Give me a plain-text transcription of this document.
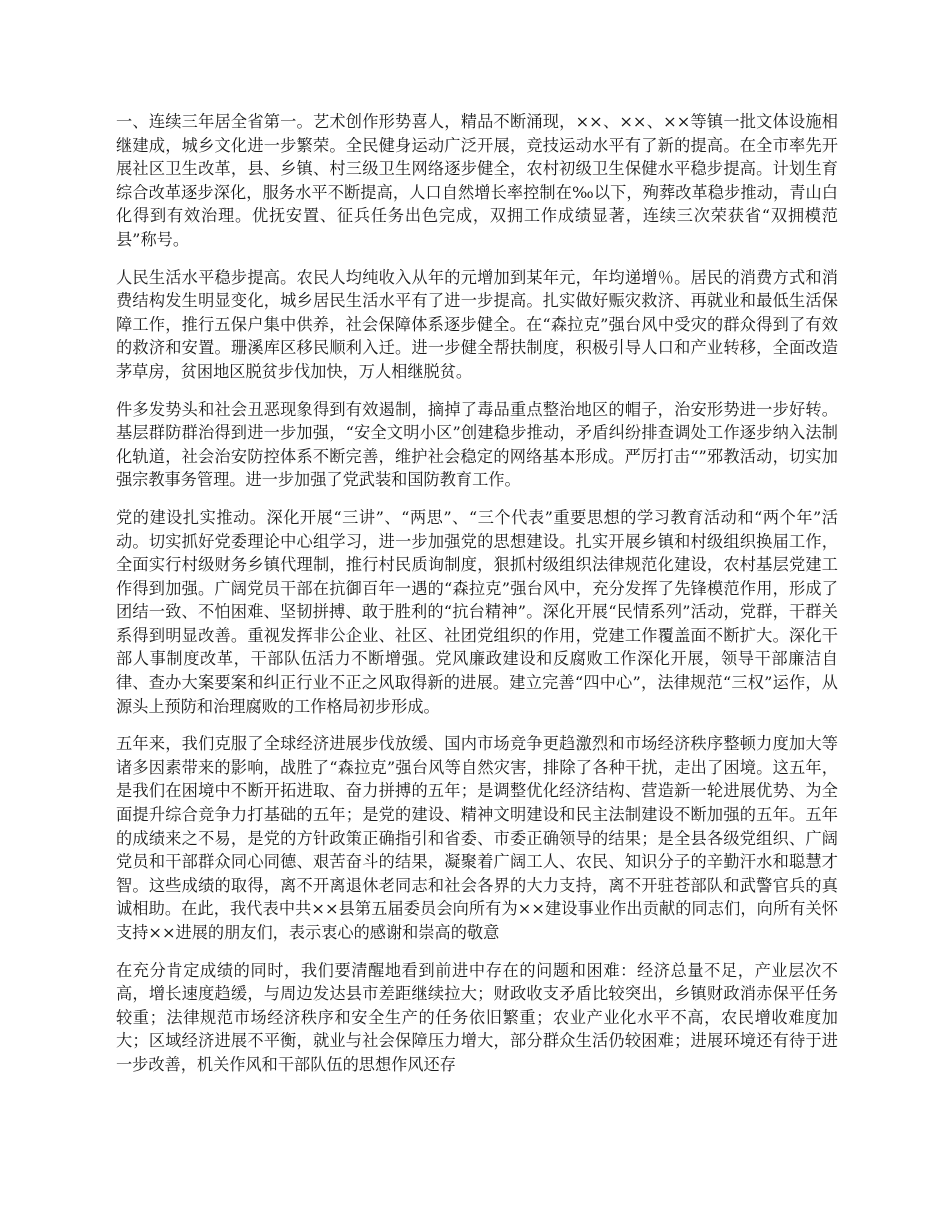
一、连续三年居全省第一。艺术创作形势喜人，精品不断涌现，××、××、××等镇一批文体设施相继建成，城乡文化进一步繁荣。全民健身运动广泛开展，竞技运动水平有了新的提高。在全市率先开展社区卫生改革，县、乡镇、村三级卫生网络逐步健全，农村初级卫生保健水平稳步提高。计划生育综合改革逐步深化，服务水平不断提高，人口自然增长率控制在‰以下，殉葬改革稳步推动，青山白化得到有效治理。优抚安置、征兵任务出色完成，双拥工作成绩显著，连续三次荣获省“双拥模范县”称号。

人民生活水平稳步提高。农民人均纯收入从年的元增加到某年元，年均递增％。居民的消费方式和消费结构发生明显变化，城乡居民生活水平有了进一步提高。扎实做好赈灾救济、再就业和最低生活保障工作，推行五保户集中供养，社会保障体系逐步健全。在“森拉克”强台风中受灾的群众得到了有效的救济和安置。珊溪库区移民顺利入迁。进一步健全帮扶制度，积极引导人口和产业转移，全面改造茅草房，贫困地区脱贫步伐加快，万人相继脱贫。

件多发势头和社会丑恶现象得到有效遏制，摘掉了毒品重点整治地区的帽子，治安形势进一步好转。基层群防群治得到进一步加强，“安全文明小区”创建稳步推动，矛盾纠纷排查调处工作逐步纳入法制化轨道，社会治安防控体系不断完善，维护社会稳定的网络基本形成。严厉打击“”邪教活动，切实加强宗教事务管理。进一步加强了党武装和国防教育工作。

党的建设扎实推动。深化开展“三讲”、“两思”、“三个代表”重要思想的学习教育活动和“两个年”活动。切实抓好党委理论中心组学习，进一步加强党的思想建设。扎实开展乡镇和村级组织换届工作，全面实行村级财务乡镇代理制，推行村民质询制度，狠抓村级组织法律规范化建设，农村基层党建工作得到加强。广阔党员干部在抗御百年一遇的“森拉克”强台风中，充分发挥了先锋模范作用，形成了团结一致、不怕困难、坚韧拼搏、敢于胜利的“抗台精神”。深化开展“民情系列”活动，党群，干群关系得到明显改善。重视发挥非公企业、社区、社团党组织的作用，党建工作覆盖面不断扩大。深化干部人事制度改革，干部队伍活力不断增强。党风廉政建设和反腐败工作深化开展，领导干部廉洁自律、查办大案要案和纠正行业不正之风取得新的进展。建立完善“四中心”，法律规范“三权”运作，从源头上预防和治理腐败的工作格局初步形成。

五年来，我们克服了全球经济进展步伐放缓、国内市场竞争更趋激烈和市场经济秩序整顿力度加大等诸多因素带来的影响，战胜了“森拉克”强台风等自然灾害，排除了各种干扰，走出了困境。这五年，是我们在困境中不断开拓进取、奋力拼搏的五年；是调整优化经济结构、营造新一轮进展优势、为全面提升综合竞争力打基础的五年；是党的建设、精神文明建设和民主法制建设不断加强的五年。五年的成绩来之不易，是党的方针政策正确指引和省委、市委正确领导的结果；是全县各级党组织、广阔党员和干部群众同心同德、艰苦奋斗的结果，凝聚着广阔工人、农民、知识分子的辛勤汗水和聪慧才智。这些成绩的取得，离不开离退休老同志和社会各界的大力支持，离不开驻苍部队和武警官兵的真诚相助。在此，我代表中共××县第五届委员会向所有为××建设事业作出贡献的同志们，向所有关怀支持××进展的朋友们，表示衷心的感谢和崇高的敬意

在充分肯定成绩的同时，我们要清醒地看到前进中存在的问题和困难：经济总量不足，产业层次不高，增长速度趋缓，与周边发达县市差距继续拉大；财政收支矛盾比较突出，乡镇财政消赤保平任务较重；法律规范市场经济秩序和安全生产的任务依旧繁重；农业产业化水平不高，农民增收难度加大；区域经济进展不平衡，就业与社会保障压力增大，部分群众生活仍较困难；进展环境还有待于进一步改善，机关作风和干部队伍的思想作风还存
